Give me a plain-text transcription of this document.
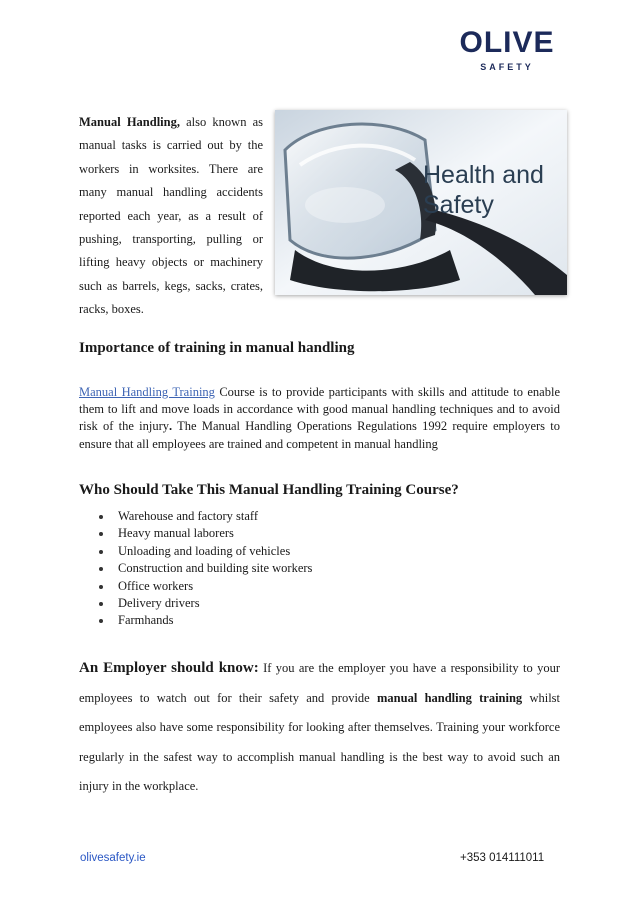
OLIVE
SAFETY
Manual Handling, also known as manual tasks is carried out by the workers in worksites. There are many manual handling accidents reported each year, as a result of pushing, transporting, pulling or lifting heavy objects or machinery such as barrels, kegs, sacks, crates, racks, boxes.
Health and
Safety
Importance of training in manual handling
Manual Handling Training Course is to provide participants with skills and attitude to enable them to lift and move loads in accordance with good manual handling techniques and to avoid risk of the injury. The Manual Handling Operations Regulations 1992 require employers to ensure that all employees are trained and competent in manual handling
Who Should Take This Manual Handling Training Course?
Warehouse and factory staff
Heavy manual laborers
Unloading and loading of vehicles
Construction and building site workers
Office workers
Delivery drivers
Farmhands
An Employer should know: If you are the employer you have a responsibility to your employees to watch out for their safety and provide manual handling training whilst employees also have some responsibility for looking after themselves. Training your workforce regularly in the safest way to accomplish manual handling is the best way to avoid such an injury in the workplace.
olivesafety.ie	+353 014111011
